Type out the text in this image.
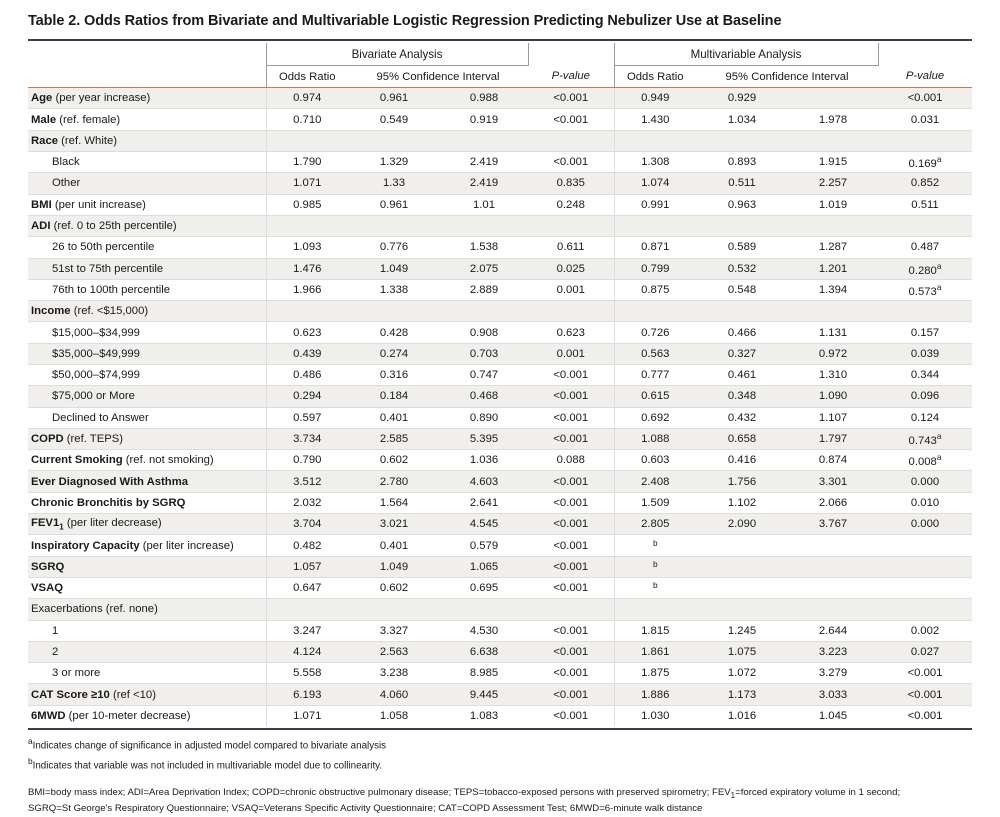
Table 2. Odds Ratios from Bivariate and Multivariable Logistic Regression Predicting Nebulizer Use at Baseline

	Bivariate Analysis				Multivariable Analysis			
	Odds Ratio	95% Confidence Interval		P-value	Odds Ratio	95% Confidence Interval		P-value
Age (per year increase)	0.974	0.961	0.988	<0.001	0.949	0.929		<0.001
Male (ref. female)	0.710	0.549	0.919	<0.001	1.430	1.034	1.978	0.031
Race (ref. White)								
Black	1.790	1.329	2.419	<0.001	1.308	0.893	1.915	0.169$^a$
Other	1.071	1.33	2.419	0.835	1.074	0.511	2.257	0.852
BMI (per unit increase)	0.985	0.961	1.01	0.248	0.991	0.963	1.019	0.511
ADI (ref. 0 to 25th percentile)								
26 to 50th percentile	1.093	0.776	1.538	0.611	0.871	0.589	1.287	0.487
51st to 75th percentile	1.476	1.049	2.075	0.025	0.799	0.532	1.201	0.280$^a$
76th to 100th percentile	1.966	1.338	2.889	0.001	0.875	0.548	1.394	0.573$^a$
Income (ref. <$15,000)								
$15,000–$34,999	0.623	0.428	0.908	0.623	0.726	0.466	1.131	0.157
$35,000–$49,999	0.439	0.274	0.703	0.001	0.563	0.327	0.972	0.039
$50,000–$74,999	0.486	0.316	0.747	<0.001	0.777	0.461	1.310	0.344
$75,000 or More	0.294	0.184	0.468	<0.001	0.615	0.348	1.090	0.096
Declined to Answer	0.597	0.401	0.890	<0.001	0.692	0.432	1.107	0.124
COPD (ref. TEPS)	3.734	2.585	5.395	<0.001	1.088	0.658	1.797	0.743$^a$
Current Smoking (ref. not smoking)	0.790	0.602	1.036	0.088	0.603	0.416	0.874	0.008$^a$
Ever Diagnosed With Asthma	3.512	2.780	4.603	<0.001	2.408	1.756	3.301	0.000
Chronic Bronchitis by SGRQ	2.032	1.564	2.641	<0.001	1.509	1.102	2.066	0.010
$FEV1_1$ (per liter decrease)	3.704	3.021	4.545	<0.001	2.805	2.090	3.767	0.000
Inspiratory Capacity (per liter increase)	0.482	0.401	0.579	<0.001	$^b$			
SGRQ	1.057	1.049	1.065	<0.001	$^b$			
VSAQ	0.647	0.602	0.695	<0.001	$^b$			
Exacerbations (ref. none)								
1	3.247	3.327	4.530	<0.001	1.815	1.245	2.644	0.002
2	4.124	2.563	6.638	<0.001	1.861	1.075	3.223	0.027
3 or more	5.558	3.238	8.985	<0.001	1.875	1.072	3.279	<0.001
CAT Score ≥10 (ref <10)	6.193	4.060	9.445	<0.001	1.886	1.173	3.033	<0.001
6MWD (per 10-meter decrease)	1.071	1.058	1.083	<0.001	1.030	1.016	1.045	<0.001

$^a$Indicates change of significance in adjusted model compared to bivariate analysis

$^b$Indicates that variable was not included in multivariable model due to collinearity.

BMI=body mass index; ADI=Area Deprivation Index; COPD=chronic obstructive pulmonary disease; TEPS=tobacco-exposed persons with preserved spirometry; $FEV_1=forced$ expiratory volume in 1 second;
SGRQ=St George's Respiratory Questionnaire; VSAQ=Veterans Specific Activity Questionnaire; CAT=COPD Assessment Test; 6MWD=6-minute walk distance
